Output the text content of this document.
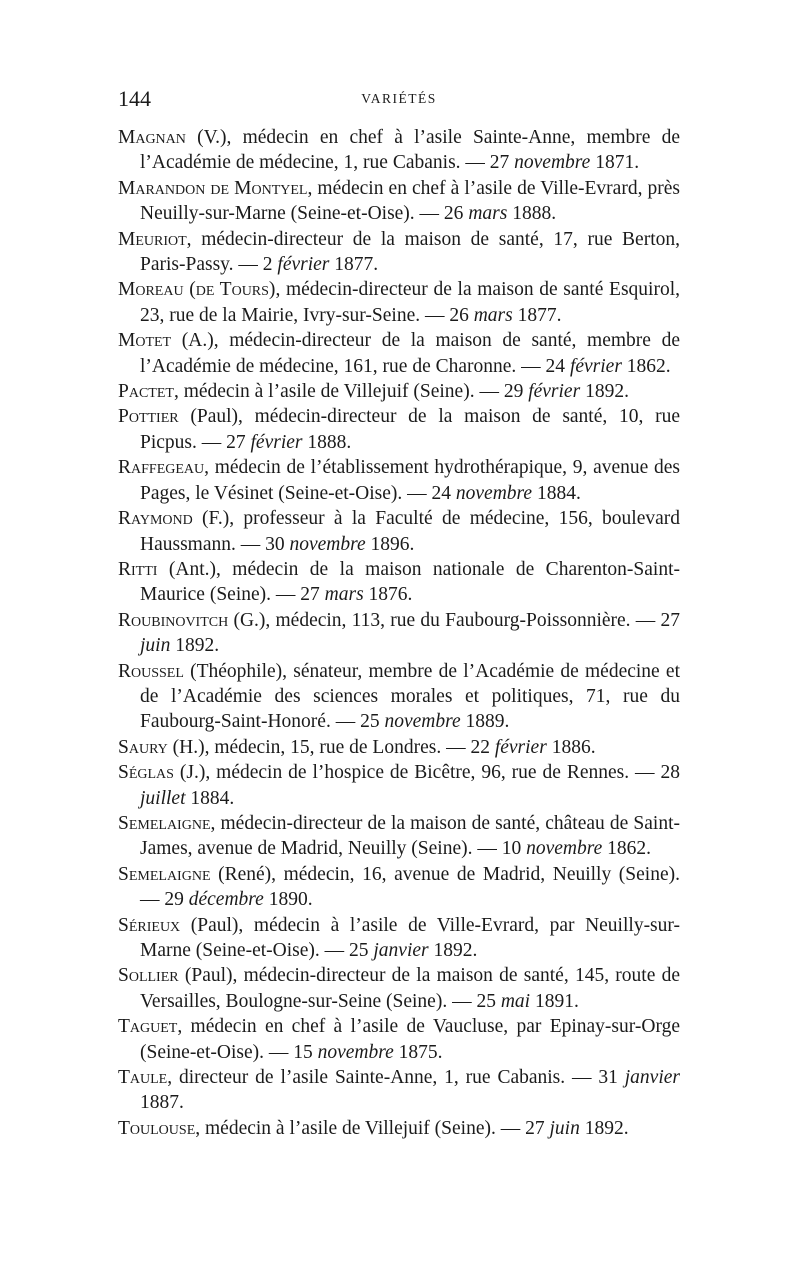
144	VARIÉTÉS

Magnan (V.), médecin en chef à l’asile Sainte-Anne, membre de l’Académie de médecine, 1, rue Cabanis. — 27 novembre 1871.

Marandon de Montyel, médecin en chef à l’asile de Ville-Evrard, près Neuilly-sur-Marne (Seine-et-Oise). — 26 mars 1888.

Meuriot, médecin-directeur de la maison de santé, 17, rue Berton, Paris-Passy. — 2 février 1877.

Moreau (de Tours), médecin-directeur de la maison de santé Esquirol, 23, rue de la Mairie, Ivry-sur-Seine. — 26 mars 1877.

Motet (A.), médecin-directeur de la maison de santé, membre de l’Académie de médecine, 161, rue de Charonne. — 24 février 1862.

Pactet, médecin à l’asile de Villejuif (Seine). — 29 février 1892.

Pottier (Paul), médecin-directeur de la maison de santé, 10, rue Picpus. — 27 février 1888.

Raffegeau, médecin de l’établissement hydrothérapique, 9, avenue des Pages, le Vésinet (Seine-et-Oise). — 24 novembre 1884.

Raymond (F.), professeur à la Faculté de médecine, 156, boulevard Haussmann. — 30 novembre 1896.

Ritti (Ant.), médecin de la maison nationale de Charenton-Saint-Maurice (Seine). — 27 mars 1876.

Roubinovitch (G.), médecin, 113, rue du Faubourg-Poissonnière. — 27 juin 1892.

Roussel (Théophile), sénateur, membre de l’Académie de médecine et de l’Académie des sciences morales et politiques, 71, rue du Faubourg-Saint-Honoré. — 25 novembre 1889.

Saury (H.), médecin, 15, rue de Londres. — 22 février 1886.

Séglas (J.), médecin de l’hospice de Bicêtre, 96, rue de Rennes. — 28 juillet 1884.

Semelaigne, médecin-directeur de la maison de santé, château de Saint-James, avenue de Madrid, Neuilly (Seine). — 10 novembre 1862.

Semelaigne (René), médecin, 16, avenue de Madrid, Neuilly (Seine). — 29 décembre 1890.

Sérieux (Paul), médecin à l’asile de Ville-Evrard, par Neuilly-sur-Marne (Seine-et-Oise). — 25 janvier 1892.

Sollier (Paul), médecin-directeur de la maison de santé, 145, route de Versailles, Boulogne-sur-Seine (Seine). — 25 mai 1891.

Taguet, médecin en chef à l’asile de Vaucluse, par Epinay-sur-Orge (Seine-et-Oise). — 15 novembre 1875.

Taule, directeur de l’asile Sainte-Anne, 1, rue Cabanis. — 31 janvier 1887.

Toulouse, médecin à l’asile de Villejuif (Seine). — 27 juin 1892.
